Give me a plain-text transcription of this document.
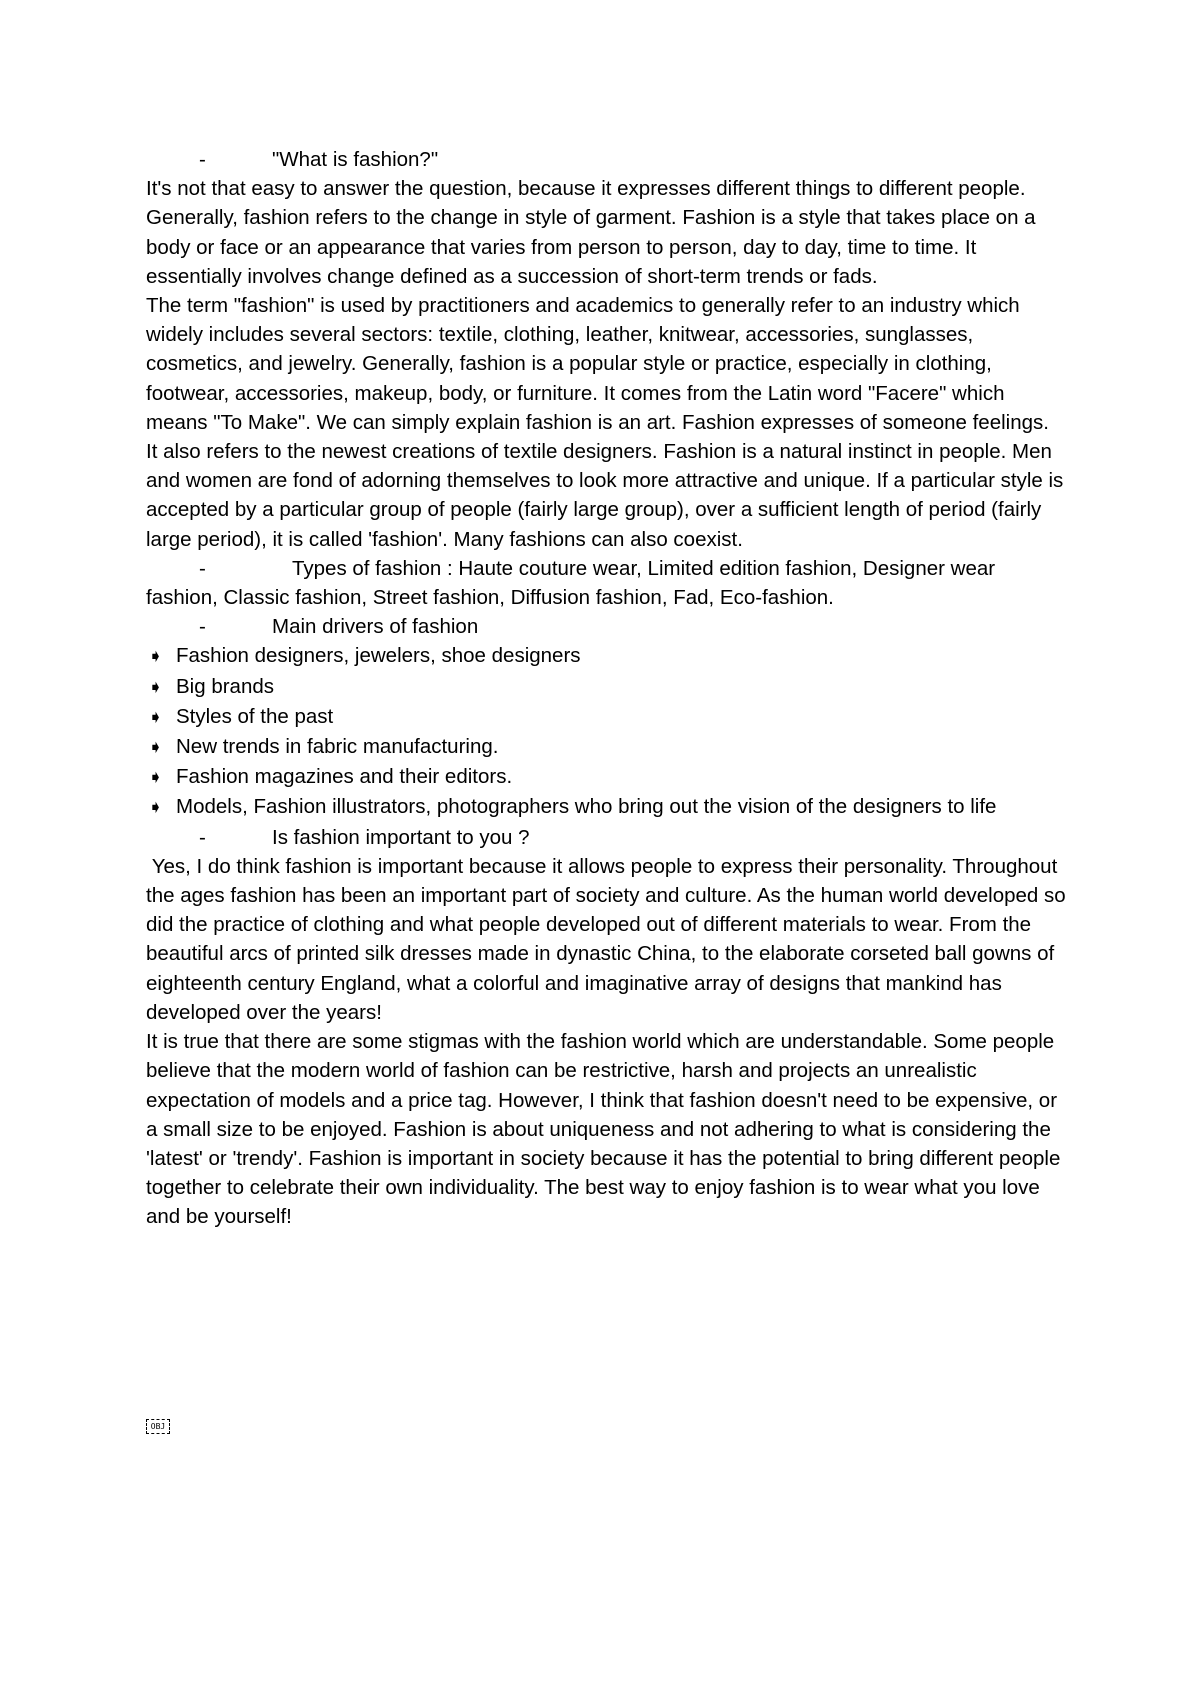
-	"What is fashion?"

It's not that easy to answer the question, because it expresses different things to different people. Generally, fashion refers to the change in style of garment. Fashion is a style that takes place on a body or face or an appearance that varies from person to person, day to day, time to time. It essentially involves change defined as a succession of short-term trends or fads.

The term "fashion" is used by practitioners and academics to generally refer to an industry which widely includes several sectors: textile, clothing, leather, knitwear, accessories, sunglasses, cosmetics, and jewelry. Generally, fashion is a popular style or practice, especially in clothing, footwear, accessories, makeup, body, or furniture. It comes from the Latin word "Facere" which means "To Make". We can simply explain fashion is an art. Fashion expresses of someone feelings. It also refers to the newest creations of textile designers. Fashion is a natural instinct in people. Men and women are fond of adorning themselves to look more attractive and unique. If a particular style is accepted by a particular group of people (fairly large group), over a sufficient length of period (fairly large period), it is called 'fashion'. Many fashions can also coexist.

-	Types of fashion : Haute couture wear, Limited edition fashion, Designer wear fashion, Classic fashion, Street fashion, Diffusion fashion, Fad, Eco-fashion.

-	Main drivers of fashion

➧ Fashion designers, jewelers, shoe designers

➧ Big brands

➧ Styles of the past

➧ New trends in fabric manufacturing.

➧ Fashion magazines and their editors.

➧ Models, Fashion illustrators, photographers who bring out the vision of the designers to life

-	Is fashion important to you ?

Yes, I do think fashion is important because it allows people to express their personality. Throughout the ages fashion has been an important part of society and culture. As the human world developed so did the practice of clothing and what people developed out of different materials to wear. From the beautiful arcs of printed silk dresses made in dynastic China, to the elaborate corseted ball gowns of eighteenth century England, what a colorful and imaginative array of designs that mankind has developed over the years!

It is true that there are some stigmas with the fashion world which are understandable. Some people believe that the modern world of fashion can be restrictive, harsh and projects an unrealistic expectation of models and a price tag. However, I think that fashion doesn't need to be expensive, or a small size to be enjoyed. Fashion is about uniqueness and not adhering to what is considering the 'latest' or 'trendy'. Fashion is important in society because it has the potential to bring different people together to celebrate their own individuality. The best way to enjoy fashion is to wear what you love and be yourself!

OBJ
